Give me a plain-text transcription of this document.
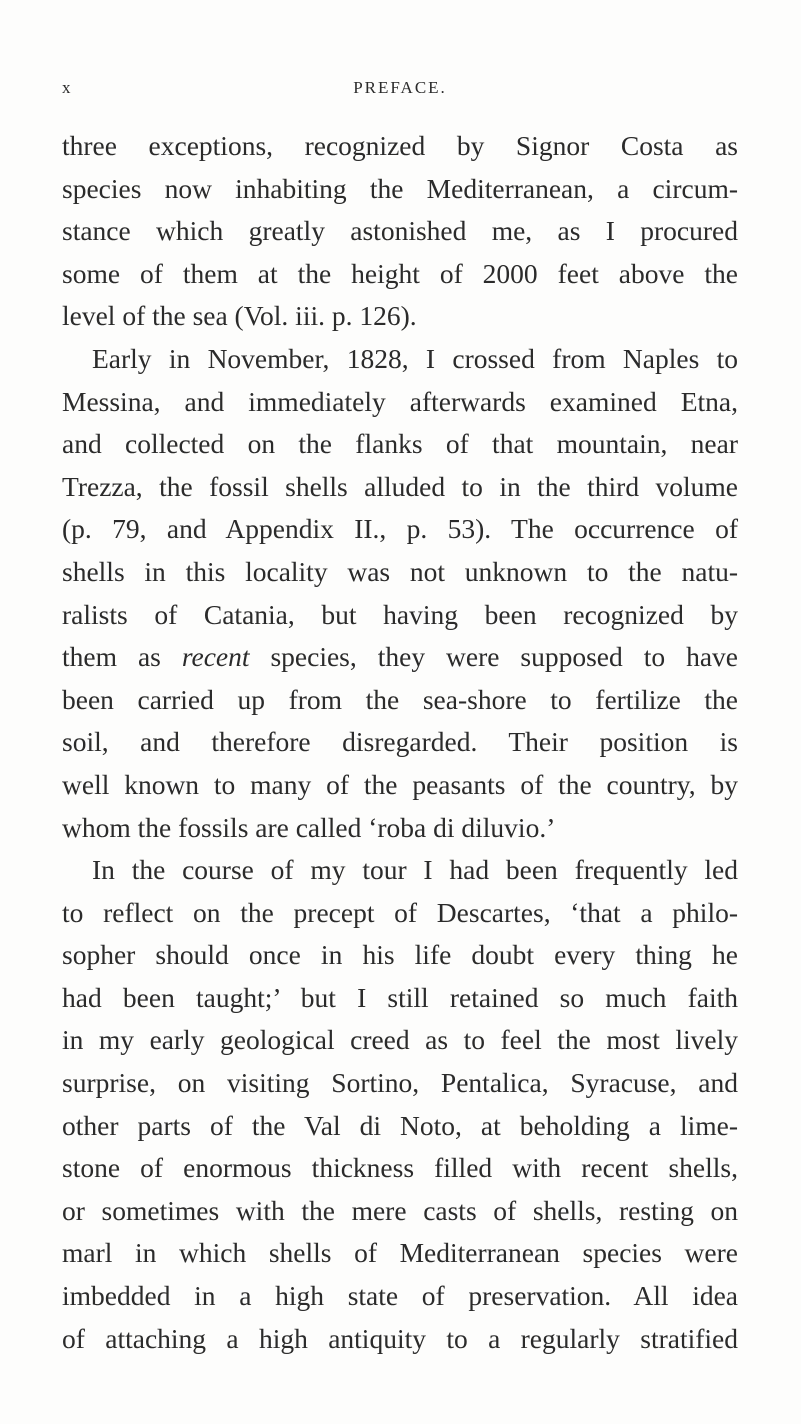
x	PREFACE.
three exceptions, recognized by Signor Costa as
species now inhabiting the Mediterranean, a circum-
stance which greatly astonished me, as I procured
some of them at the height of 2000 feet above the
level of the sea (Vol. iii. p. 126).
Early in November, 1828, I crossed from Naples to
Messina, and immediately afterwards examined Etna,
and collected on the flanks of that mountain, near
Trezza, the fossil shells alluded to in the third volume
(p. 79, and Appendix II., p. 53). The occurrence of
shells in this locality was not unknown to the natu-
ralists of Catania, but having been recognized by
them as recent species, they were supposed to have
been carried up from the sea-shore to fertilize the
soil, and therefore disregarded. Their position is
well known to many of the peasants of the country, by
whom the fossils are called ‘roba di diluvio.’
In the course of my tour I had been frequently led
to reflect on the precept of Descartes, ‘that a philo-
sopher should once in his life doubt every thing he
had been taught;’ but I still retained so much faith
in my early geological creed as to feel the most lively
surprise, on visiting Sortino, Pentalica, Syracuse, and
other parts of the Val di Noto, at beholding a lime-
stone of enormous thickness filled with recent shells,
or sometimes with the mere casts of shells, resting on
marl in which shells of Mediterranean species were
imbedded in a high state of preservation. All idea
of attaching a high antiquity to a regularly stratified
